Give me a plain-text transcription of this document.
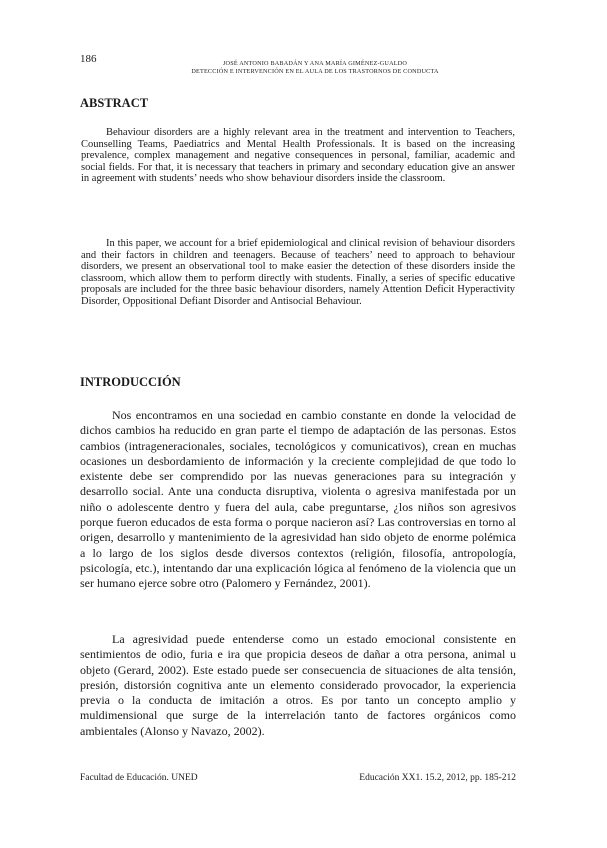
186	JOSÉ ANTONIO BABADÁN Y ANA MARÍA GIMÉNEZ-GUALDO
DETECCIÓN E INTERVENCIÓN EN EL AULA DE LOS TRASTORNOS DE CONDUCTA
ABSTRACT

Behaviour disorders are a highly relevant area in the treatment and intervention to Teachers, Counselling Teams, Paediatrics and Mental Health Professionals. It is based on the increasing prevalence, complex management and negative consequences in personal, familiar, academic and social fields. For that, it is necessary that teachers in primary and secondary education give an answer in agreement with students’ needs who show behaviour disorders inside the classroom.

In this paper, we account for a brief epidemiological and clinical revision of behaviour disorders and their factors in children and teenagers. Because of teachers’ need to approach to behaviour disorders, we present an observational tool to make easier the detection of these disorders inside the classroom, which allow them to perform directly with students. Finally, a series of specific educative proposals are included for the three basic behaviour disorders, namely Attention Deficit Hyperactivity Disorder, Oppositional Defiant Disorder and Antisocial Behaviour.

INTRODUCCIÓN

Nos encontramos en una sociedad en cambio constante en donde la velocidad de dichos cambios ha reducido en gran parte el tiempo de adaptación de las personas. Estos cambios (intrageneracionales, sociales, tecnológicos y comunicativos), crean en muchas ocasiones un desbordamiento de información y la creciente complejidad de que todo lo existente debe ser comprendido por las nuevas generaciones para su integración y desarrollo social. Ante una conducta disruptiva, violenta o agresiva manifestada por un niño o adolescente dentro y fuera del aula, cabe preguntarse, ¿los niños son agresivos porque fueron educados de esta forma o porque nacieron así? Las controversias en torno al origen, desarrollo y mantenimiento de la agresividad han sido objeto de enorme polémica a lo largo de los siglos desde diversos contextos (religión, filosofía, antropología, psicología, etc.), intentando dar una explicación lógica al fenómeno de la violencia que un ser humano ejerce sobre otro (Palomero y Fernández, 2001).

La agresividad puede entenderse como un estado emocional consistente en sentimientos de odio, furia e ira que propicia deseos de dañar a otra persona, animal u objeto (Gerard, 2002). Este estado puede ser consecuencia de situaciones de alta tensión, presión, distorsión cognitiva ante un elemento considerado provocador, la experiencia previa o la conducta de imitación a otros. Es por tanto un concepto amplio y muldimensional que surge de la interrelación tanto de factores orgánicos como ambientales (Alonso y Navazo, 2002).

Facultad de Educación. UNED	Educación XX1. 15.2, 2012, pp. 185-212
